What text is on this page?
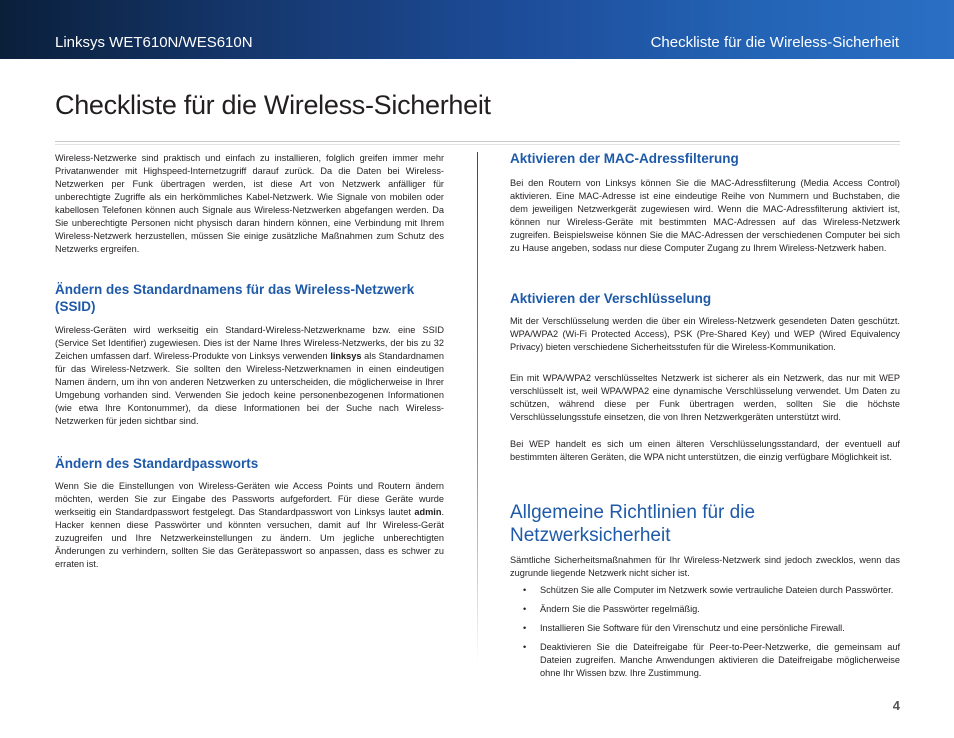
Linksys WET610N/WES610N	Checkliste für die Wireless-Sicherheit
Checkliste für die Wireless-Sicherheit

Wireless-Netzwerke sind praktisch und einfach zu installieren, folglich greifen immer mehr Privatanwender mit Highspeed-Internetzugriff darauf zurück. Da die Daten bei Wireless-Netzwerken per Funk übertragen werden, ist diese Art von Netzwerk anfälliger für unberechtigte Zugriffe als ein herkömmliches Kabel-Netzwerk. Wie Signale von mobilen oder kabellosen Telefonen können auch Signale aus Wireless-Netzwerken abgefangen werden. Da Sie unberechtigte Personen nicht physisch daran hindern können, eine Verbindung mit Ihrem Wireless-Netzwerk herzustellen, müssen Sie einige zusätzliche Maßnahmen zum Schutz des Netzwerks ergreifen.

Ändern des Standardnamens für das Wireless-Netzwerk (SSID)

Wireless-Geräten wird werkseitig ein Standard-Wireless-Netzwerkname bzw. eine SSID (Service Set Identifier) zugewiesen. Dies ist der Name Ihres Wireless-Netzwerks, der bis zu 32 Zeichen umfassen darf. Wireless-Produkte von Linksys verwenden linksys als Standardnamen für das Wireless-Netzwerk. Sie sollten den Wireless-Netzwerknamen in einen eindeutigen Namen ändern, um ihn von anderen Netzwerken zu unterscheiden, die möglicherweise in Ihrer Umgebung vorhanden sind. Verwenden Sie jedoch keine personenbezogenen Informationen (wie etwa Ihre Kontonummer), da diese Informationen bei der Suche nach Wireless-Netzwerken für jeden sichtbar sind.

Ändern des Standardpassworts

Wenn Sie die Einstellungen von Wireless-Geräten wie Access Points und Routern ändern möchten, werden Sie zur Eingabe des Passworts aufgefordert. Für diese Geräte wurde werkseitig ein Standardpasswort festgelegt. Das Standardpasswort von Linksys lautet admin. Hacker kennen diese Passwörter und könnten versuchen, damit auf Ihr Wireless-Gerät zuzugreifen und Ihre Netzwerkeinstellungen zu ändern. Um jegliche unberechtigten Änderungen zu verhindern, sollten Sie das Gerätepasswort so anpassen, dass es schwer zu erraten ist.

Aktivieren der MAC-Adressfilterung

Bei den Routern von Linksys können Sie die MAC-Adressfilterung (Media Access Control) aktivieren. Eine MAC-Adresse ist eine eindeutige Reihe von Nummern und Buchstaben, die dem jeweiligen Netzwerkgerät zugewiesen wird. Wenn die MAC-Adressfilterung aktiviert ist, können nur Wireless-Geräte mit bestimmten MAC-Adressen auf das Wireless-Netzwerk zugreifen. Beispielsweise können Sie die MAC-Adressen der verschiedenen Computer bei sich zu Hause angeben, sodass nur diese Computer Zugang zu Ihrem Wireless-Netzwerk haben.

Aktivieren der Verschlüsselung

Mit der Verschlüsselung werden die über ein Wireless-Netzwerk gesendeten Daten geschützt. WPA/WPA2 (Wi-Fi Protected Access), PSK (Pre-Shared Key) und WEP (Wired Equivalency Privacy) bieten verschiedene Sicherheitsstufen für die Wireless-Kommunikation.

Ein mit WPA/WPA2 verschlüsseltes Netzwerk ist sicherer als ein Netzwerk, das nur mit WEP verschlüsselt ist, weil WPA/WPA2 eine dynamische Verschlüsselung verwendet. Um Daten zu schützen, während diese per Funk übertragen werden, sollten Sie die höchste Verschlüsselungsstufe einsetzen, die von Ihren Netzwerkgeräten unterstützt wird.

Bei WEP handelt es sich um einen älteren Verschlüsselungsstandard, der eventuell auf bestimmten älteren Geräten, die WPA nicht unterstützen, die einzig verfügbare Möglichkeit ist.

Allgemeine Richtlinien für die Netzwerksicherheit

Sämtliche Sicherheitsmaßnahmen für Ihr Wireless-Netzwerk sind jedoch zwecklos, wenn das zugrunde liegende Netzwerk nicht sicher ist.

• Schützen Sie alle Computer im Netzwerk sowie vertrauliche Dateien durch Passwörter.
• Ändern Sie die Passwörter regelmäßig.
• Installieren Sie Software für den Virenschutz und eine persönliche Firewall.
• Deaktivieren Sie die Dateifreigabe für Peer-to-Peer-Netzwerke, die gemeinsam auf Dateien zugreifen. Manche Anwendungen aktivieren die Dateifreigabe möglicherweise ohne Ihr Wissen bzw. Ihre Zustimmung.
4
